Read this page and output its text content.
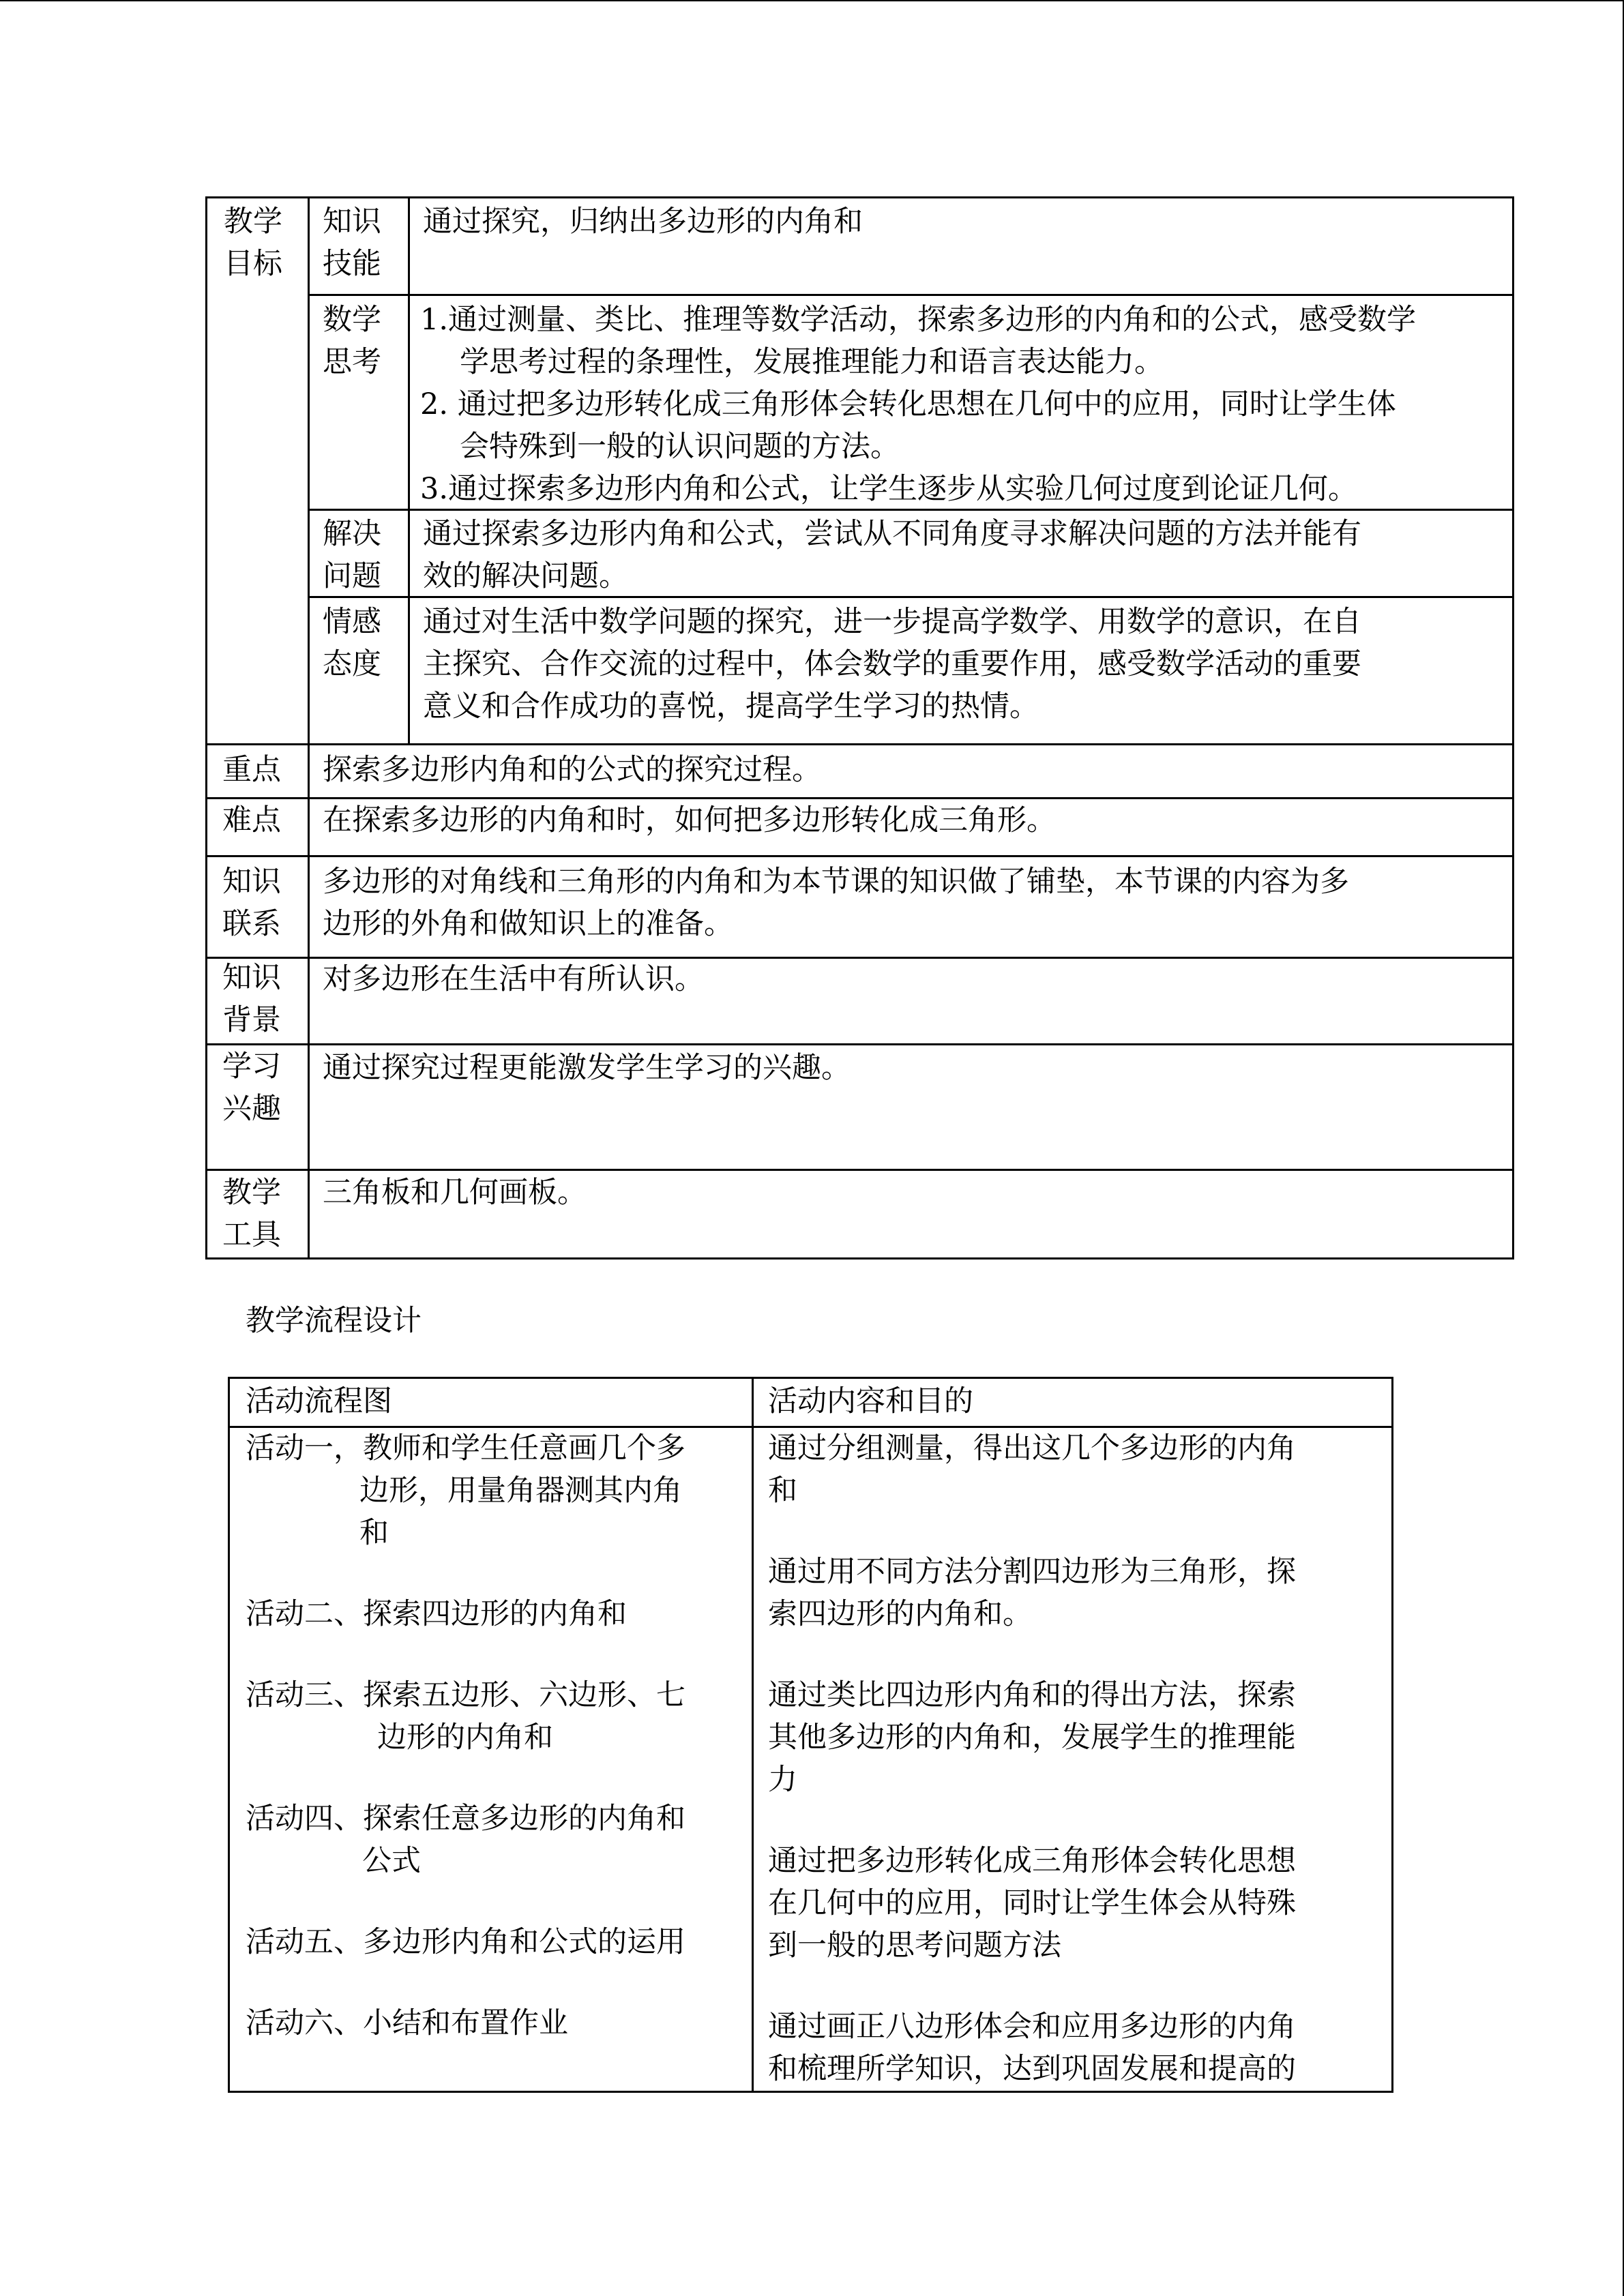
教学
目标
知识
技能
通过探究，归纳出多边形的内角和
数学
思考
1.通过测量、类比、推理等数学活动，探索多边形的内角和的公式，感受数学
学思考过程的条理性，发展推理能力和语言表达能力。
2. 通过把多边形转化成三角形体会转化思想在几何中的应用，同时让学生体
会特殊到一般的认识问题的方法。
3.通过探索多边形内角和公式，让学生逐步从实验几何过度到论证几何。
解决
问题
通过探索多边形内角和公式，尝试从不同角度寻求解决问题的方法并能有
效的解决问题。
情感
态度
通过对生活中数学问题的探究，进一步提高学数学、用数学的意识，在自
主探究、合作交流的过程中，体会数学的重要作用，感受数学活动的重要
意义和合作成功的喜悦，提高学生学习的热情。
重点 探索多边形内角和的公式的探究过程。
难点 在探索多边形的内角和时，如何把多边形转化成三角形。
知识
联系
多边形的对角线和三角形的内角和为本节课的知识做了铺垫，本节课的内容为多
边形的外角和做知识上的准备。
知识
背景
对多边形在生活中有所认识。
学习
兴趣
通过探究过程更能激发学生学习的兴趣。
教学
工具
三角板和几何画板。
教学流程设计
活动流程图	活动内容和目的
活动一，教师和学生任意画几个多
边形，用量角器测其内角
和
活动二、探索四边形的内角和
活动三、探索五边形、六边形、七
边形的内角和
活动四、探索任意多边形的内角和
公式
活动五、多边形内角和公式的运用
活动六、小结和布置作业
通过分组测量，得出这几个多边形的内角
和
通过用不同方法分割四边形为三角形，探
索四边形的内角和。
通过类比四边形内角和的得出方法，探索
其他多边形的内角和，发展学生的推理能
力
通过把多边形转化成三角形体会转化思想
在几何中的应用，同时让学生体会从特殊
到一般的思考问题方法
通过画正八边形体会和应用多边形的内角
和梳理所学知识，达到巩固发展和提高的
